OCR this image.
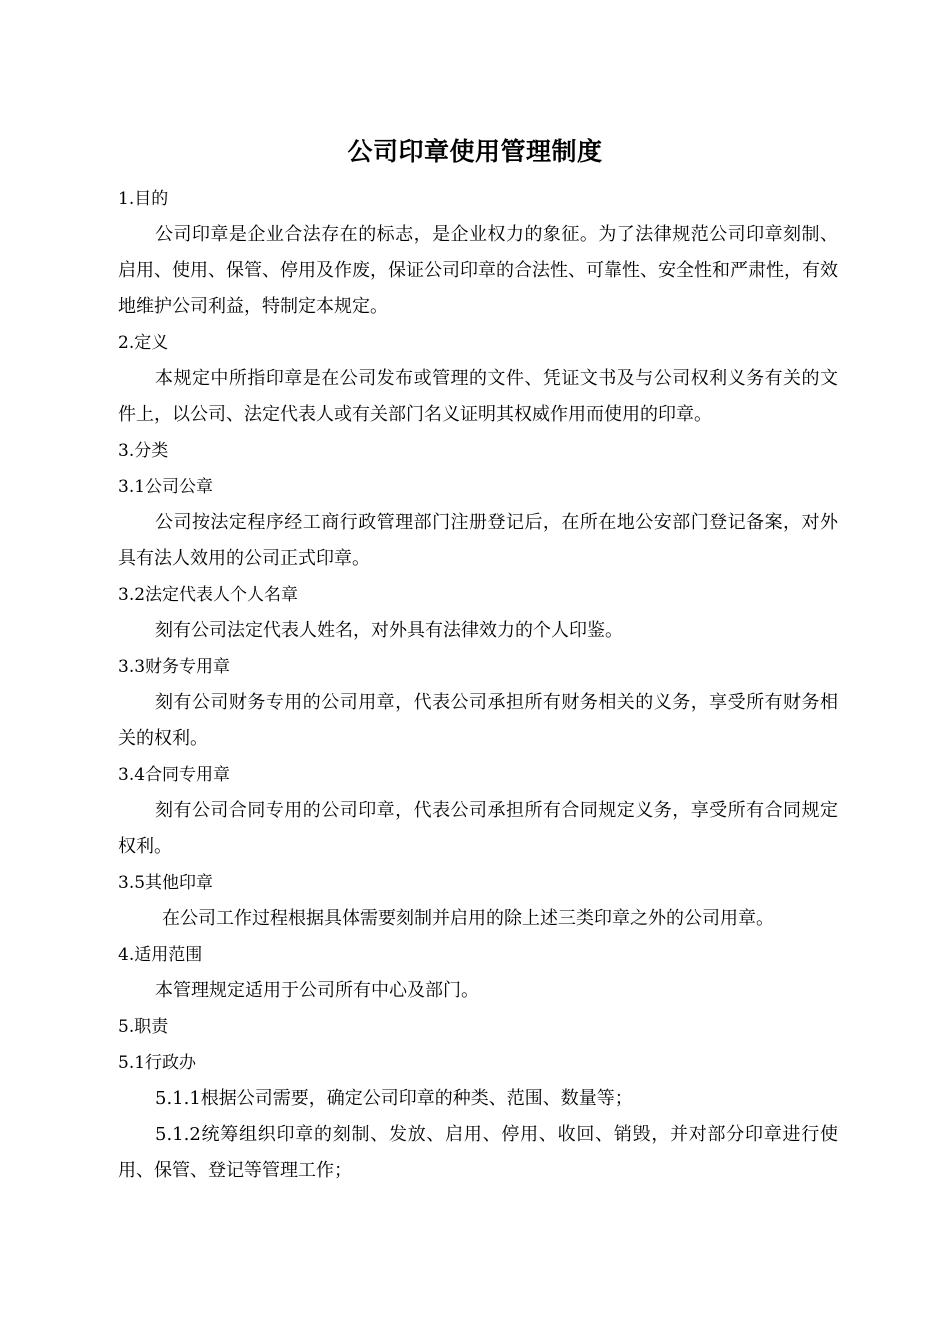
公司印章使用管理制度
1.目的
公司印章是企业合法存在的标志，是企业权力的象征。为了法律规范公司印章刻制、启用、使用、保管、停用及作废，保证公司印章的合法性、可靠性、安全性和严肃性，有效地维护公司利益，特制定本规定。
2.定义
本规定中所指印章是在公司发布或管理的文件、凭证文书及与公司权利义务有关的文件上，以公司、法定代表人或有关部门名义证明其权威作用而使用的印章。
3.分类
3.1公司公章
公司按法定程序经工商行政管理部门注册登记后，在所在地公安部门登记备案，对外具有法人效用的公司正式印章。
3.2法定代表人个人名章
刻有公司法定代表人姓名，对外具有法律效力的个人印鉴。
3.3财务专用章
刻有公司财务专用的公司用章，代表公司承担所有财务相关的义务，享受所有财务相关的权利。
3.4合同专用章
刻有公司合同专用的公司印章，代表公司承担所有合同规定义务，享受所有合同规定权利。
3.5其他印章
在公司工作过程根据具体需要刻制并启用的除上述三类印章之外的公司用章。
4.适用范围
本管理规定适用于公司所有中心及部门。
5.职责
5.1行政办
5.1.1根据公司需要，确定公司印章的种类、范围、数量等；
5.1.2统筹组织印章的刻制、发放、启用、停用、收回、销毁，并对部分印章进行使用、保管、登记等管理工作；
